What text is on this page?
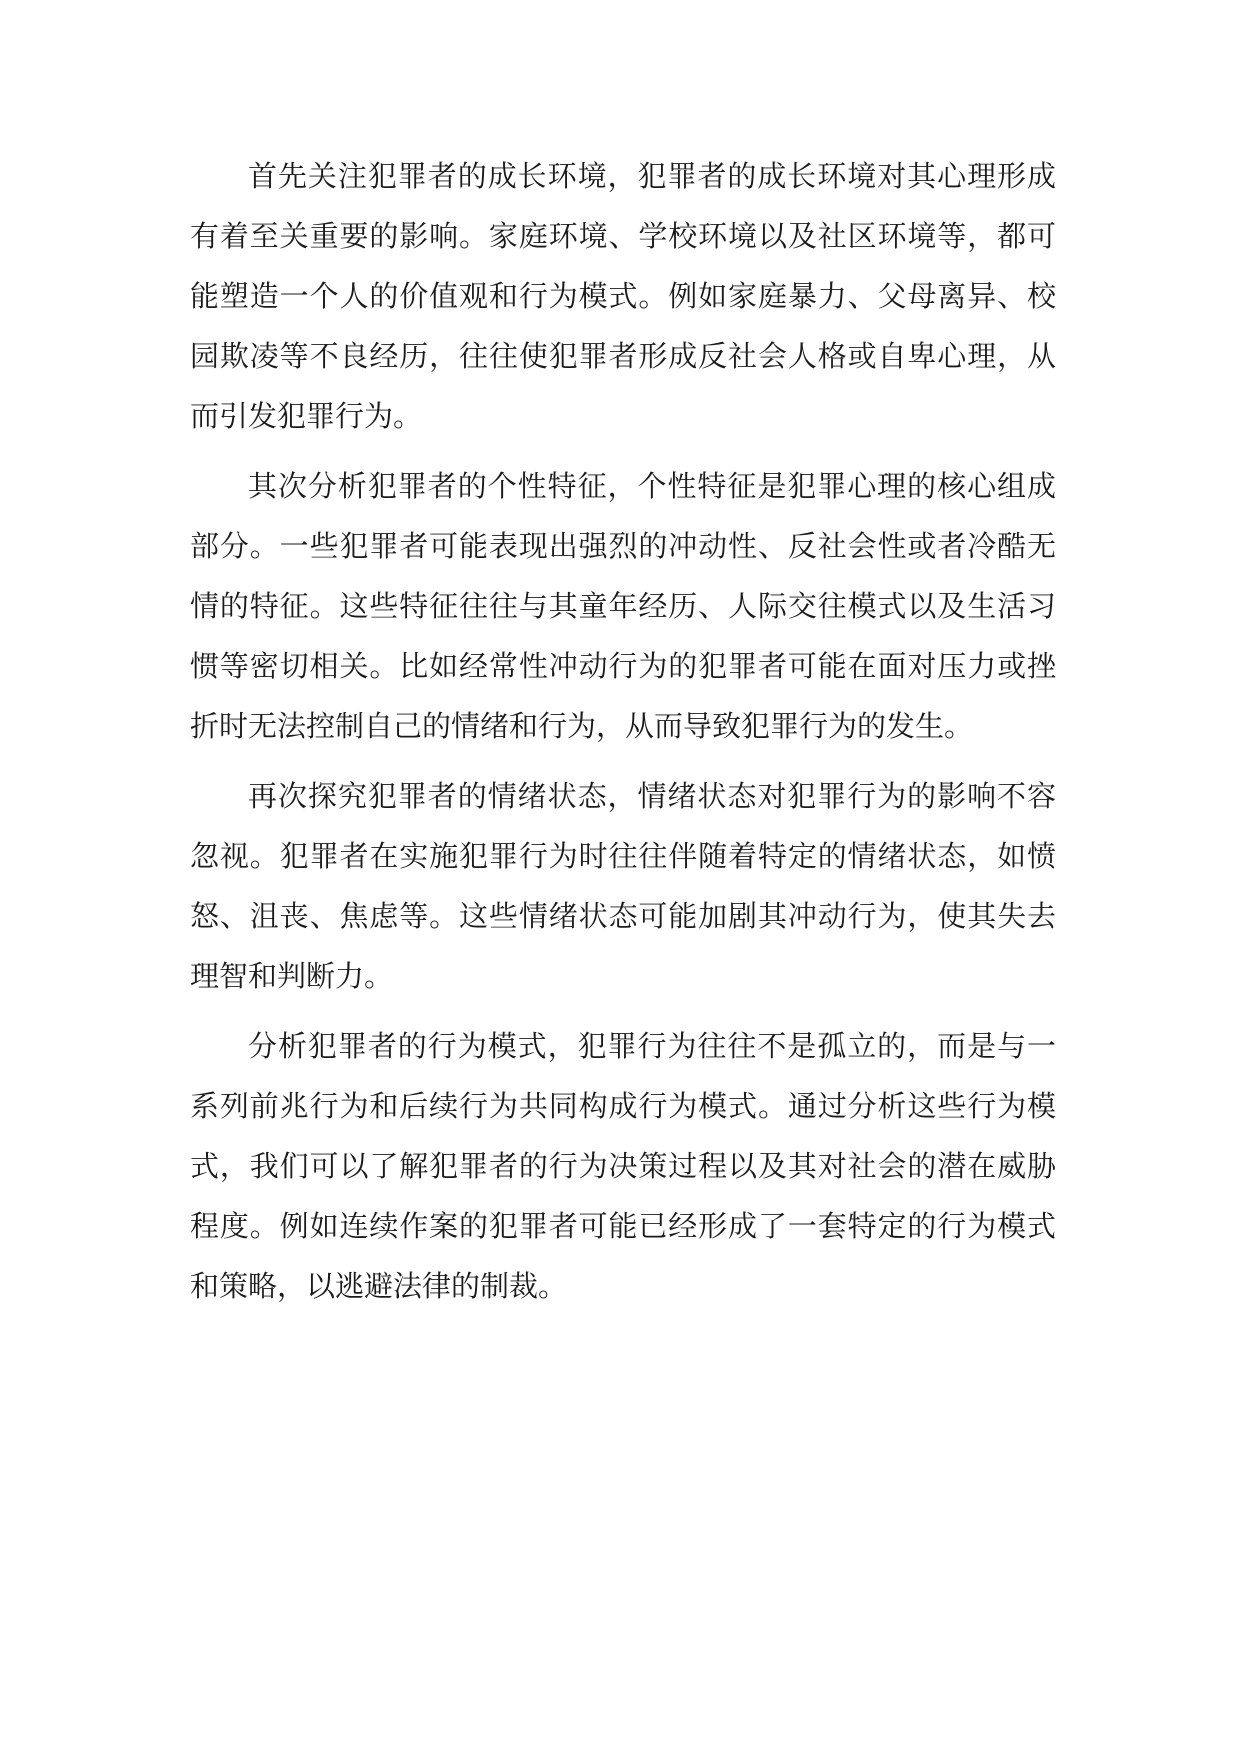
首先关注犯罪者的成长环境，犯罪者的成长环境对其心理形成有着至关重要的影响。家庭环境、学校环境以及社区环境等，都可能塑造一个人的价值观和行为模式。例如家庭暴力、父母离异、校园欺凌等不良经历，往往使犯罪者形成反社会人格或自卑心理，从而引发犯罪行为。

其次分析犯罪者的个性特征，个性特征是犯罪心理的核心组成部分。一些犯罪者可能表现出强烈的冲动性、反社会性或者冷酷无情的特征。这些特征往往与其童年经历、人际交往模式以及生活习惯等密切相关。比如经常性冲动行为的犯罪者可能在面对压力或挫折时无法控制自己的情绪和行为，从而导致犯罪行为的发生。

再次探究犯罪者的情绪状态，情绪状态对犯罪行为的影响不容忽视。犯罪者在实施犯罪行为时往往伴随着特定的情绪状态，如愤怒、沮丧、焦虑等。这些情绪状态可能加剧其冲动行为，使其失去理智和判断力。

分析犯罪者的行为模式，犯罪行为往往不是孤立的，而是与一系列前兆行为和后续行为共同构成行为模式。通过分析这些行为模式，我们可以了解犯罪者的行为决策过程以及其对社会的潜在威胁程度。例如连续作案的犯罪者可能已经形成了一套特定的行为模式和策略，以逃避法律的制裁。
